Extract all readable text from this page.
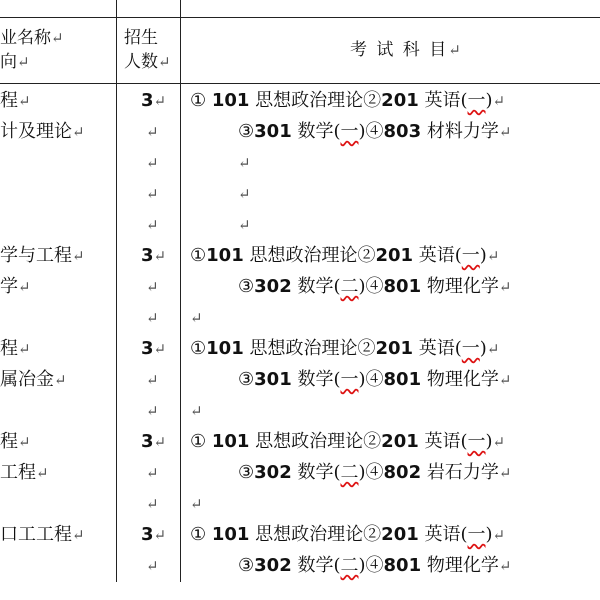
业名称↵
向↵
招生
人数↵
考 试 科 目↵
程↵
计及理论↵
3↵
↵
↵
↵
↵
① 101 思想政治理论②201 英语(一)↵
③301 数学(一)④803 材料力学↵
↵
↵
↵
学与工程↵
学↵
3↵
↵
↵
①101 思想政治理论②201 英语(一)↵
③302 数学(二)④801 物理化学↵
↵
程↵
属冶金↵
3↵
↵
↵
①101 思想政治理论②201 英语(一)↵
③301 数学(一)④801 物理化学↵
↵
程↵
工程↵
3↵
↵
↵
① 101 思想政治理论②201 英语(一)↵
③302 数学(二)④802 岩石力学↵
↵
口工工程↵	3↵
↵
① 101 思想政治理论②201 英语(一)↵
③302 数学(二)④801 物理化学↵
